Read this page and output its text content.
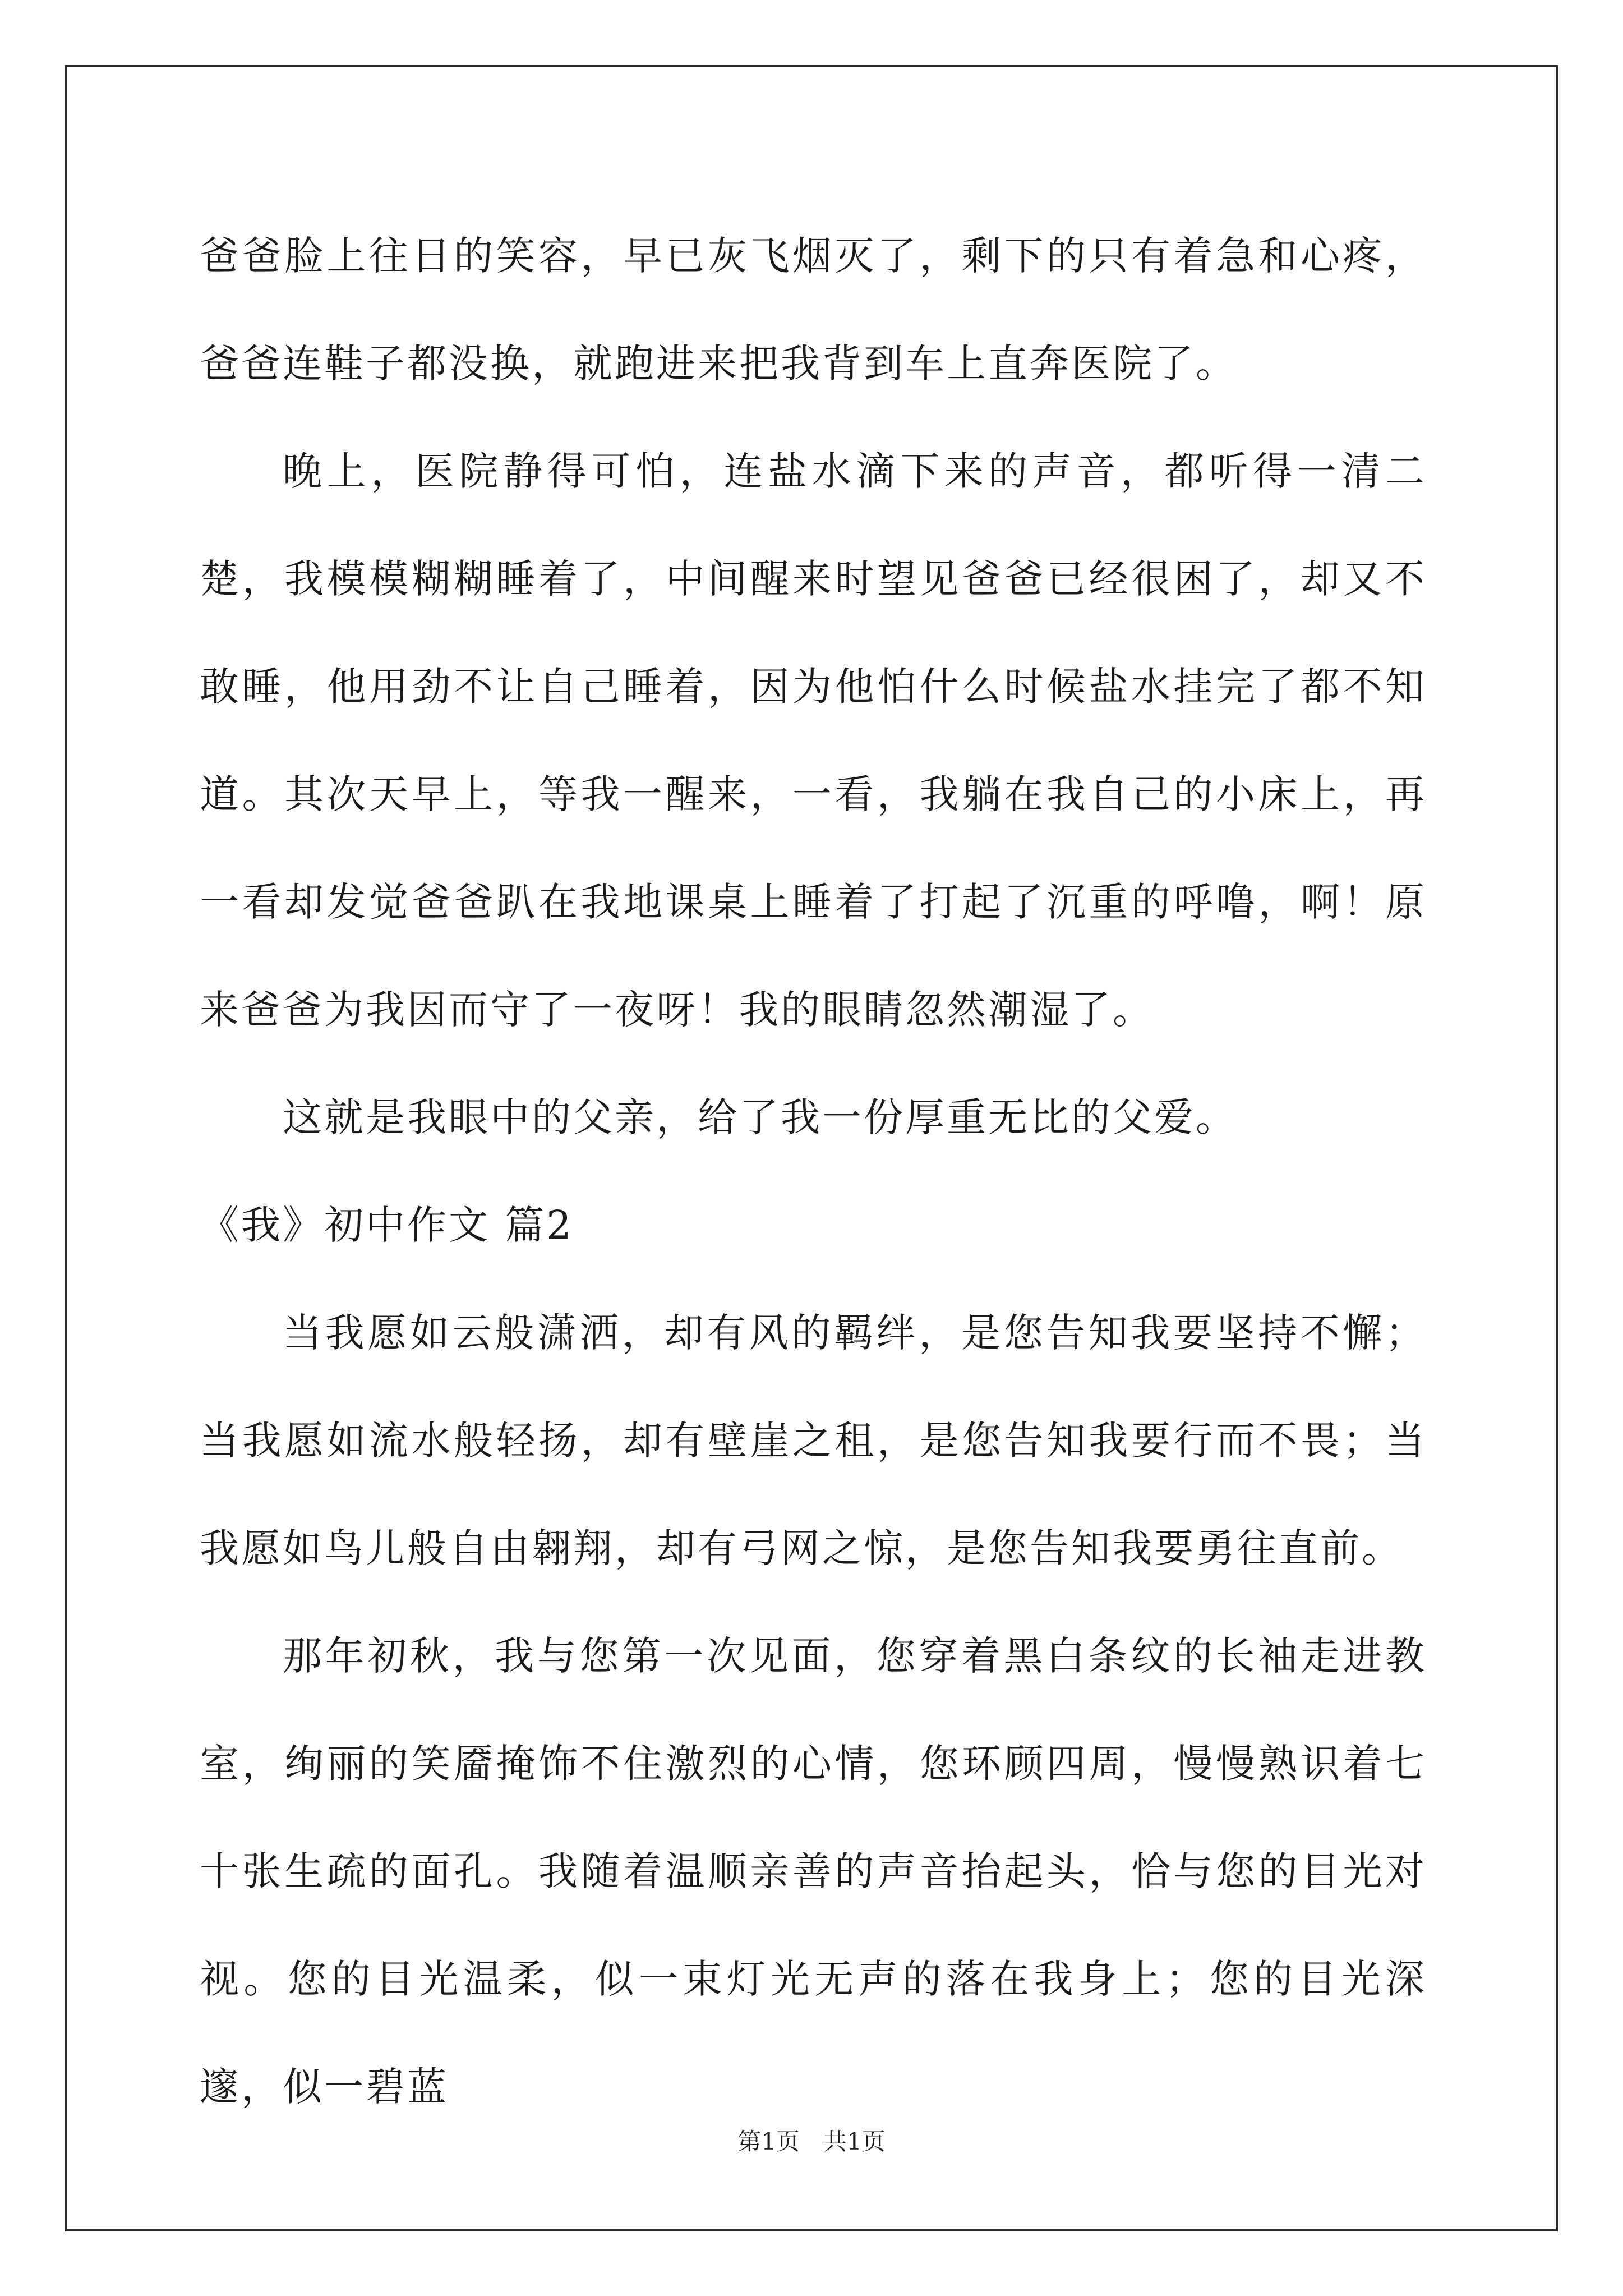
爸爸脸上往日的笑容，早已灰飞烟灭了，剩下的只有着急和心疼，爸爸连鞋子都没换，就跑进来把我背到车上直奔医院了。

晚上，医院静得可怕，连盐水滴下来的声音，都听得一清二楚，我模模糊糊睡着了，中间醒来时望见爸爸已经很困了，却又不敢睡，他用劲不让自己睡着，因为他怕什么时候盐水挂完了都不知道。其次天早上，等我一醒来，一看，我躺在我自己的小床上，再一看却发觉爸爸趴在我地课桌上睡着了打起了沉重的呼噜，啊！原来爸爸为我因而守了一夜呀！我的眼睛忽然潮湿了。

这就是我眼中的父亲，给了我一份厚重无比的父爱。

《我》初中作文 篇2

当我愿如云般潇洒，却有风的羁绊，是您告知我要坚持不懈；当我愿如流水般轻扬，却有壁崖之租，是您告知我要行而不畏；当我愿如鸟儿般自由翱翔，却有弓网之惊，是您告知我要勇往直前。

那年初秋，我与您第一次见面，您穿着黑白条纹的长袖走进教室，绚丽的笑靥掩饰不住激烈的心情，您环顾四周，慢慢熟识着七十张生疏的面孔。我随着温顺亲善的声音抬起头，恰与您的目光对视。您的目光温柔，似一束灯光无声的落在我身上；您的目光深邃，似一碧蓝

第1页　共1页
